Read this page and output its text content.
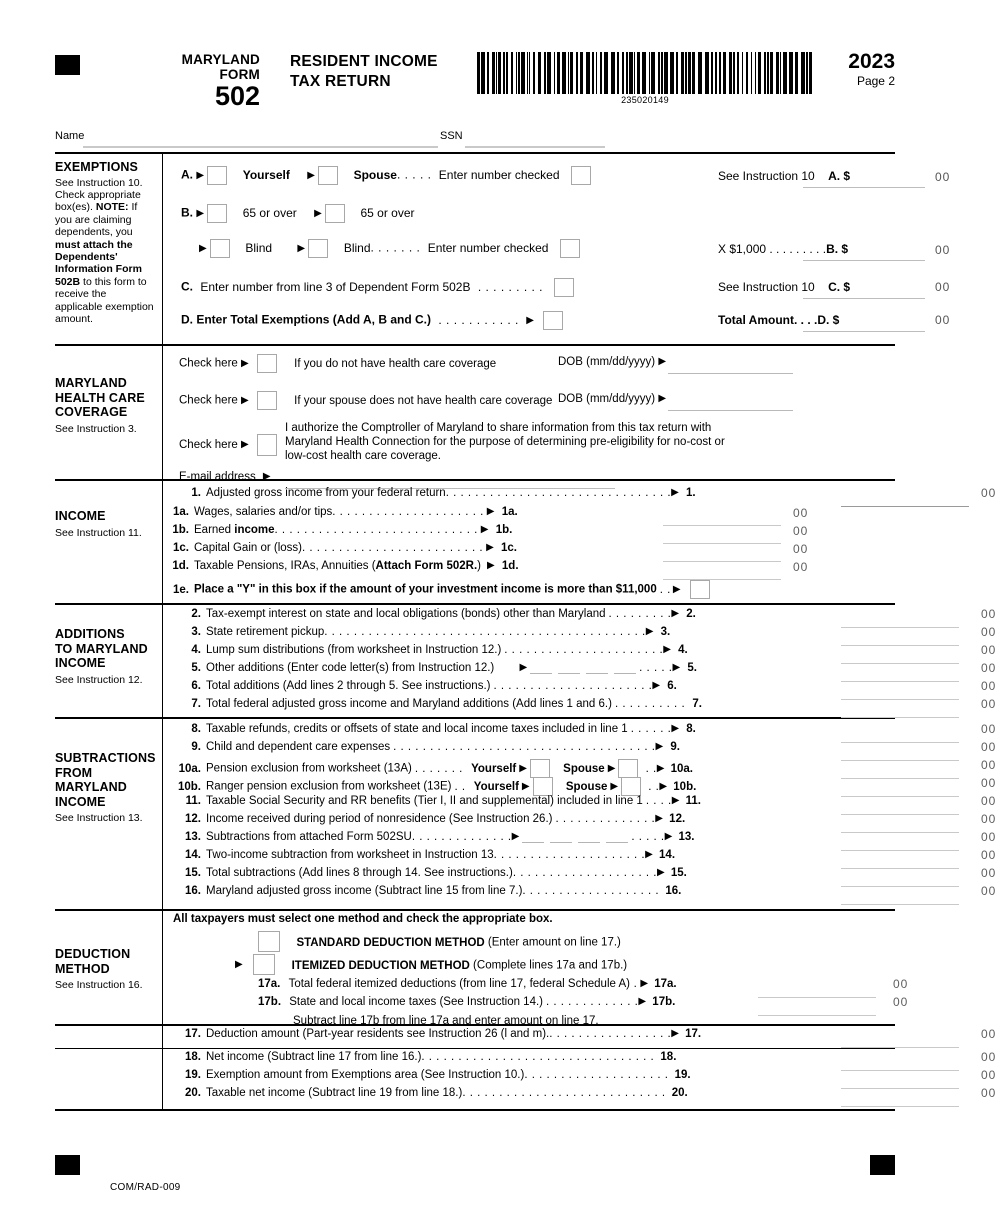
MARYLAND
FORM
502
RESIDENT INCOME
TAX RETURN
235020149
2023
Page 2
Name	SSN
EXEMPTIONS
See Instruction 10. Check appropriate box(es). NOTE: If you are claiming dependents, you must attach the Dependents' Information Form 502B to this form to receive the applicable exemption amount.
A. ▶	Yourself ▶	Spouse. . . . . Enter number checked	See Instruction 10 A. $	00
B. ▶	65 or over ▶	65 or over
▶	Blind	▶	Blind. . . . . . . Enter number checked	X $1,000 . . . . . . . . .B. $	00
C. Enter number from line 3 of Dependent Form 502B . . . . . . . . .	See Instruction 10 C. $	00
D. Enter Total Exemptions (Add A, B and C.) . . . . . . . . . . . ▶	Total Amount. . . .D. $	00
MARYLAND
HEALTH CARE
COVERAGE
See Instruction 3.
Check here ▶	If you do not have health care coverage	DOB (mm/dd/yyyy) ▶
Check here ▶	If your spouse does not have health care coverage DOB (mm/dd/yyyy) ▶
Check here ▶
I authorize the Comptroller of Maryland to share information from this tax return with
Maryland Health Connection for the purpose of determining pre-eligibility for no-cost or
low-cost health care coverage.
E-mail address ▶
INCOME
See Instruction 11.
1. Adjusted gross income from your federal return. . . . . . . . . . . . . . . . . . . . . . . . . . . . . . .▶ 1.	00
1a. Wages, salaries and/or tips. . . . . . . . . . . . . . . . . . . . . ▶ 1a.	00
1b. Earned income. . . . . . . . . . . . . . . . . . . . . . . . . . . . ▶ 1b.	00
1c. Capital Gain or (loss). . . . . . . . . . . . . . . . . . . . . . . . . ▶ 1c.	00
1d. Taxable Pensions, IRAs, Annuities (Attach Form 502R.) ▶ 1d.	00
1e. Place a "Y" in this box if the amount of your investment income is more than $11,000 . . ▶
ADDITIONS
TO MARYLAND
INCOME
See Instruction 12.
2. Tax-exempt interest on state and local obligations (bonds) other than Maryland . . . . . . . . .▶ 2.	00
3. State retirement pickup. . . . . . . . . . . . . . . . . . . . . . . . . . . . . . . . . . . . . . . . . . . .▶ 3.	00
4. Lump sum distributions (from worksheet in Instruction 12.) . . . . . . . . . . . . . . . . . . . . . .▶ 4.	00
5. Other additions (Enter code letter(s) from Instruction 12.)	▶	. . . . .▶ 5.	00
6. Total additions (Add lines 2 through 5. See instructions.) . . . . . . . . . . . . . . . . . . . . . .▶ 6.	00
7. Total federal adjusted gross income and Maryland additions (Add lines 1 and 6.) . . . . . . . . . . 7.	00
SUBTRACTIONS
FROM
MARYLAND
INCOME
See Instruction 13.
8. Taxable refunds, credits or offsets of state and local income taxes included in line 1 . . . . . .▶ 8.	00
9. Child and dependent care expenses . . . . . . . . . . . . . . . . . . . . . . . . . . . . . . . . . . . .▶ 9.	00
10a. Pension exclusion from worksheet (13A) . . . . . . . Yourself ▶	Spouse ▶	. .▶ 10a.	00
10b. Ranger pension exclusion from worksheet (13E) . . Yourself ▶	Spouse ▶	. .▶ 10b.	00
11. Taxable Social Security and RR benefits (Tier I, II and supplemental) included in line 1 . . . .▶ 11.	00
12. Income received during period of nonresidence (See Instruction 26.) . . . . . . . . . . . . . .▶ 12.	00
13. Subtractions from attached Form 502SU. . . . . . . . . . . . . .▶	. . . . .▶ 13.	00
14. Two-income subtraction from worksheet in Instruction 13. . . . . . . . . . . . . . . . . . . . .▶ 14.	00
15. Total subtractions (Add lines 8 through 14. See instructions.). . . . . . . . . . . . . . . . . . . .▶ 15.	00
16. Maryland adjusted gross income (Subtract line 15 from line 7.). . . . . . . . . . . . . . . . . . . 16.	00
DEDUCTION
METHOD
See Instruction 16.
All taxpayers must select one method and check the appropriate box.
STANDARD DEDUCTION METHOD (Enter amount on line 17.)
▶	ITEMIZED DEDUCTION METHOD (Complete lines 17a and 17b.)
17a. Total federal itemized deductions (from line 17, federal Schedule A) . ▶ 17a.	00
17b. State and local income taxes (See Instruction 14.) . . . . . . . . . . . . .▶ 17b.	00
Subtract line 17b from line 17a and enter amount on line 17.
17. Deduction amount (Part-year residents see Instruction 26 (l and m).. . . . . . . . . . . . . . . . .▶ 17.	00
18. Net income (Subtract line 17 from line 16.). . . . . . . . . . . . . . . . . . . . . . . . . . . . . . . . 18.	00
19. Exemption amount from Exemptions area (See Instruction 10.). . . . . . . . . . . . . . . . . . . . 19.	00
20. Taxable net income (Subtract line 19 from line 18.). . . . . . . . . . . . . . . . . . . . . . . . . . . . 20.	00
COM/RAD-009
